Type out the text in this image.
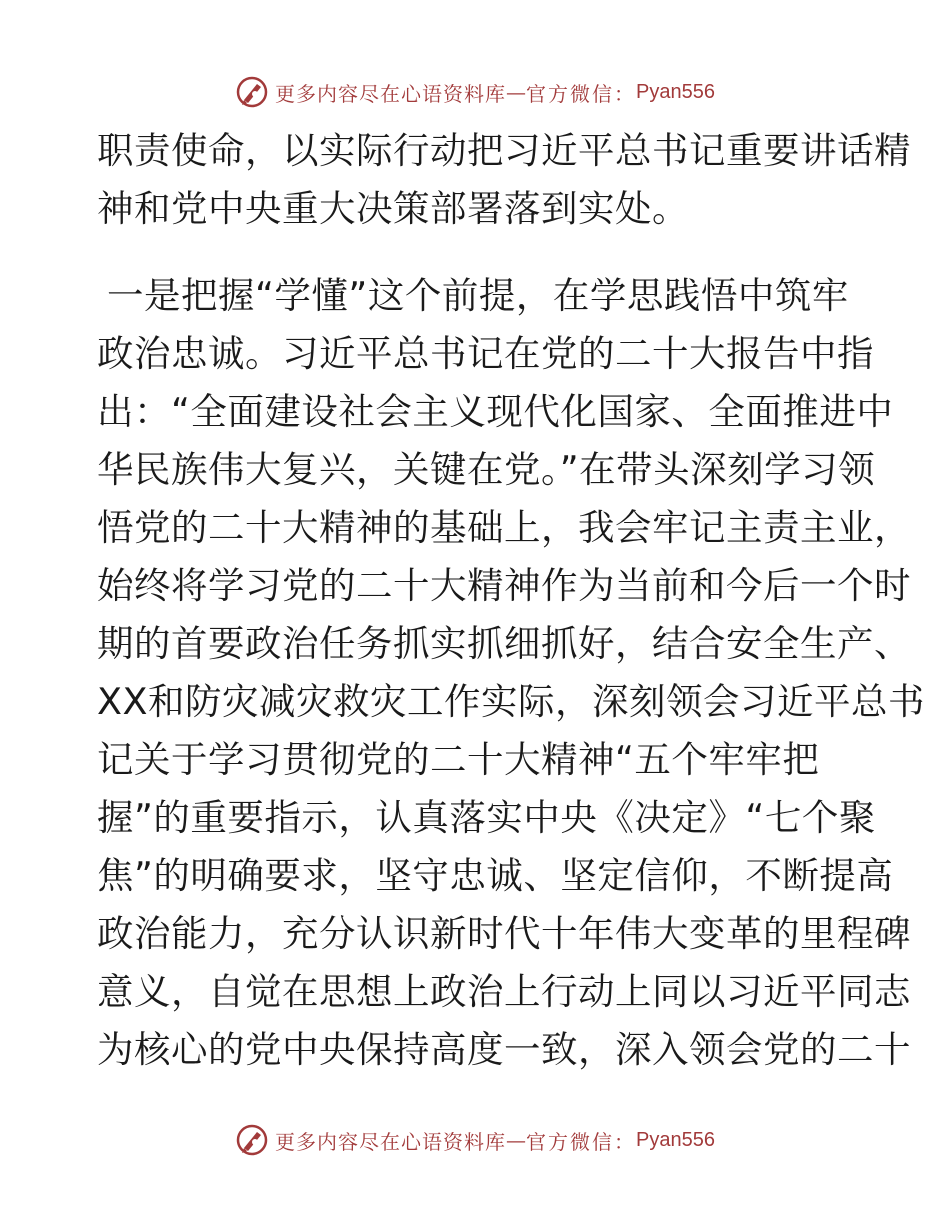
更多内容尽在心语资料库 — 官方微信： Pyan556
职责使命，以实际行动把习近平总书记重要讲话精
神和党中央重大决策部署落到实处。
一是把握“学懂”这个前提，在学思践悟中筑牢
政治忠诚。习近平总书记在党的二十大报告中指
出：“全面建设社会主义现代化国家、全面推进中
华民族伟大复兴，关键在党。”在带头深刻学习领
悟党的二十大精神的基础上，我会牢记主责主业，
始终将学习党的二十大精神作为当前和今后一个时
期的首要政治任务抓实抓细抓好，结合安全生产、
XX和防灾减灾救灾工作实际，深刻领会习近平总书
记关于学习贯彻党的二十大精神“五个牢牢把
握”的重要指示，认真落实中央《决定》“七个聚
焦”的明确要求，坚守忠诚、坚定信仰，不断提高
政治能力，充分认识新时代十年伟大变革的里程碑
意义，自觉在思想上政治上行动上同以习近平同志
为核心的党中央保持高度一致，深入领会党的二十
更多内容尽在心语资料库 — 官方微信： Pyan556
